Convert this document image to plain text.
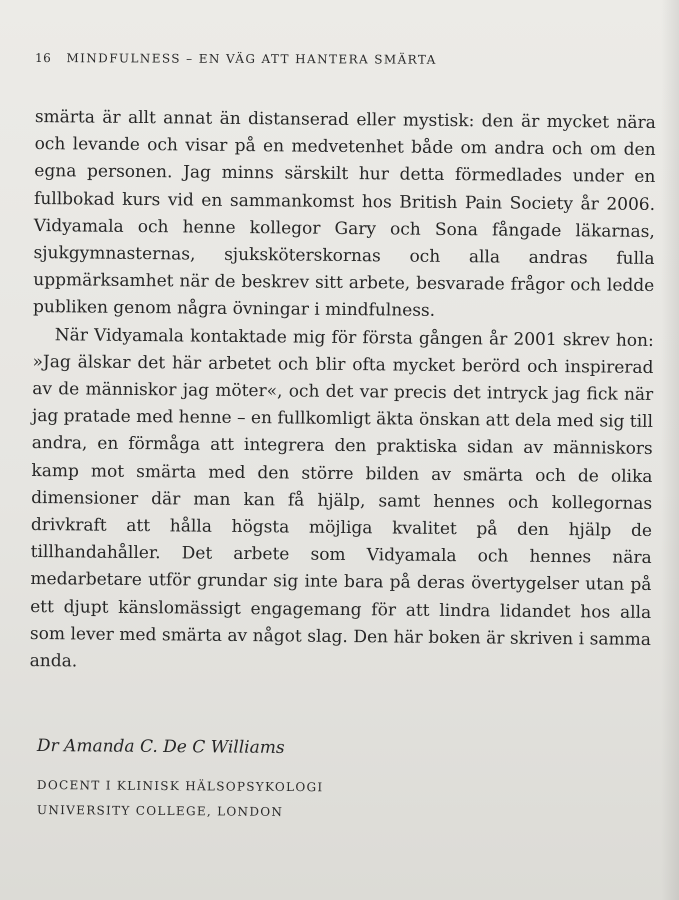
16 MINDFULNESS – EN VÄG ATT HANTERA SMÄRTA

smärta är allt annat än distanserad eller mystisk: den är mycket nära och levande och visar på en medvetenhet både om andra och om den egna personen. Jag minns särskilt hur detta förmedlades under en fullbokad kurs vid en sammankomst hos British Pain Society år 2006. Vidyamala och henne kollegor Gary och Sona fångade läkarnas, sjukgymnasternas, sjuksköterskornas och alla andras fulla uppmärksamhet när de beskrev sitt arbete, besvarade frågor och ledde publiken genom några övningar i mindfulness.

När Vidyamala kontaktade mig för första gången år 2001 skrev hon: »Jag älskar det här arbetet och blir ofta mycket berörd och inspirerad av de människor jag möter«, och det var precis det intryck jag fick när jag pratade med henne – en fullkomligt äkta önskan att dela med sig till andra, en förmåga att integrera den praktiska sidan av människors kamp mot smärta med den större bilden av smärta och de olika dimensioner där man kan få hjälp, samt hennes och kollegornas drivkraft att hålla högsta möjliga kvalitet på den hjälp de tillhandahåller. Det arbete som Vidyamala och hennes nära medarbetare utför grundar sig inte bara på deras övertygelser utan på ett djupt känslomässigt engagemang för att lindra lidandet hos alla som lever med smärta av något slag. Den här boken är skriven i samma anda.

Dr Amanda C. De C Williams
DOCENT I KLINISK HÄLSOPSYKOLOGI
UNIVERSITY COLLEGE, LONDON
